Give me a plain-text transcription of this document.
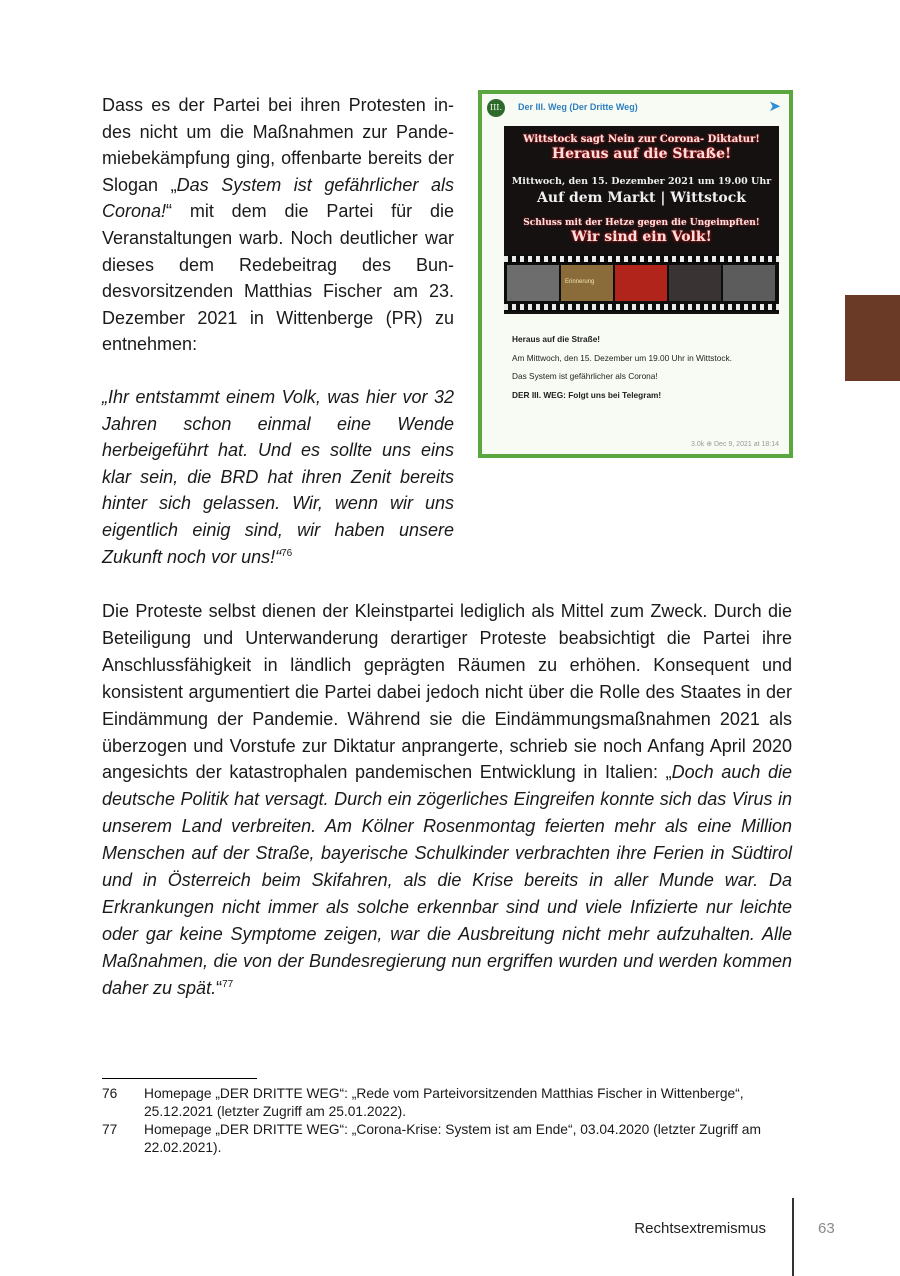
Dass es der Partei bei ihren Protesten indes nicht um die Maßnahmen zur Pandemiebekämpfung ging, offenbarte bereits der Slogan „Das System ist gefährlicher als Corona!“ mit dem die Partei für die Veranstaltungen warb. Noch deutlicher war dieses dem Redebeitrag des Bundesvorsitzenden Matthias Fischer am 23. Dezember 2021 in Wittenberge (PR) zu entnehmen:

„Ihr entstammt einem Volk, was hier vor 32 Jahren schon einmal eine Wende herbeigeführt hat. Und es sollte uns eins klar sein, die BRD hat ihren Zenit bereits hinter sich gelassen. Wir, wenn wir uns eigentlich einig sind, wir haben unsere Zukunft noch vor uns!“$^{76}$

III.	Der III. Weg (Der Dritte Weg)	➤
Wittstock sagt Nein zur Corona- Diktatur!
Heraus auf die Straße!
Mittwoch, den 15. Dezember 2021 um 19.00 Uhr
Auf dem Markt | Wittstock
Schluss mit der Hetze gegen die Ungeimpften!
Wir sind ein Volk!
Erinnerung
Heraus auf die Straße!
Am Mittwoch, den 15. Dezember um 19.00 Uhr in Wittstock.
Das System ist gefährlicher als Corona!
DER III. WEG: Folgt uns bei Telegram!
3.0k ⊕ Dec 9, 2021 at 18:14

Die Proteste selbst dienen der Kleinstpartei lediglich als Mittel zum Zweck. Durch die Beteiligung und Unterwanderung derartiger Proteste beabsichtigt die Partei ihre Anschlussfähigkeit in ländlich geprägten Räumen zu erhöhen. Konsequent und konsistent argumentiert die Partei dabei jedoch nicht über die Rolle des Staates in der Eindämmung der Pandemie. Während sie die Eindämmungsmaßnahmen 2021 als überzogen und Vorstufe zur Diktatur anprangerte, schrieb sie noch Anfang April 2020 angesichts der katastrophalen pandemischen Entwicklung in Italien: „Doch auch die deutsche Politik hat versagt. Durch ein zögerliches Eingreifen konnte sich das Virus in unserem Land verbreiten. Am Kölner Rosenmontag feierten mehr als eine Million Menschen auf der Straße, bayerische Schulkinder verbrachten ihre Ferien in Südtirol und in Österreich beim Skifahren, als die Krise bereits in aller Munde war. Da Erkrankungen nicht immer als solche erkennbar sind und viele Infizierte nur leichte oder gar keine Symptome zeigen, war die Ausbreitung nicht mehr aufzuhalten. Alle Maßnahmen, die von der Bundesregierung nun ergriffen wurden und werden kommen daher zu spät.“$^{77}$

76 Homepage „DER DRITTE WEG“: „Rede vom Parteivorsitzenden Matthias Fischer in Wittenberge“, 25.12.2021 (letzter Zugriff am 25.01.2022).
77 Homepage „DER DRITTE WEG“: „Corona-Krise: System ist am Ende“, 03.04.2020 (letzter Zugriff am 22.02.2021).
Rechtsextremismus	63
